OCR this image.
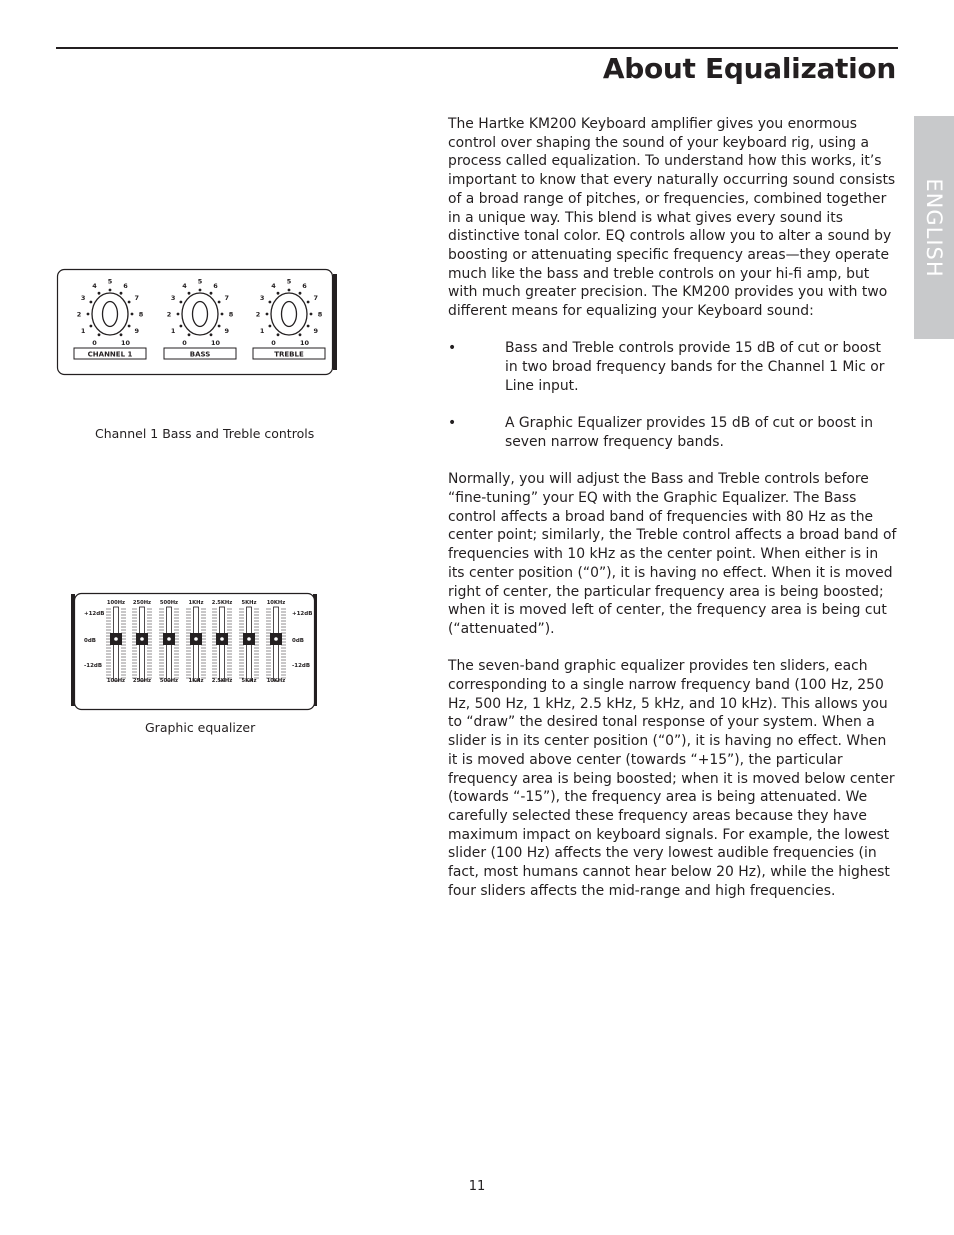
About Equalization
ENGLISH

The Hartke KM200 Keyboard amplifier gives you enormous control over shaping the sound of your keyboard rig, using a process called equalization. To understand how this works, it’s important to know that every naturally occurring sound consists of a broad range of pitches, or frequencies, combined together in a unique way. This blend is what gives every sound its distinctive tonal color. EQ controls allow you to alter a sound by boosting or attenuating specific frequency areas—they operate much like the bass and treble controls on your hi-fi amp, but with much greater precision. The KM200 provides you with two different means for equalizing your Keyboard sound:

•	Bass and Treble controls provide 15 dB of cut or boost in two broad frequency bands for the Channel 1 Mic or Line input.
•	A Graphic Equalizer provides 15 dB of cut or boost in seven narrow frequency bands.

Normally, you will adjust the Bass and Treble controls before “fine-tuning” your EQ with the Graphic Equalizer. The Bass control affects a broad band of frequencies with 80 Hz as the center point; similarly, the Treble control affects a broad band of frequencies with 10 kHz as the center point. When either is in its center position (“0”), it is having no effect. When it is moved right of center, the particular frequency area is being boosted; when it is moved left of center, the frequency area is being cut (“attenuated”).

The seven-band graphic equalizer provides ten sliders, each corresponding to a single narrow frequency band (100 Hz, 250 Hz, 500 Hz, 1 kHz, 2.5 kHz, 5 kHz, and 10 kHz). This allows you to “draw” the desired tonal response of your system. When a slider is in its center position (“0”), it is having no effect. When it is moved above center (towards “+15”), the particular frequency area is being boosted; when it is moved below center (towards “-15”), the frequency area is being attenuated. We carefully selected these frequency areas because they have maximum impact on keyboard signals. For example, the lowest slider (100 Hz) affects the very lowest audible frequencies (in fact, most humans cannot hear below 20 Hz), while the highest four sliders affects the mid-range and high frequencies.

0
1
2
3
4
5
6
7
8
9
10
CHANNEL 1
0
1
2
3
4
5
6
7
8
9
10
BASS
0
1
2
3
4
5
6
7
8
9
10
TREBLE
Channel 1 Bass and Treble controls
100Hz
100Hz
250Hz
250Hz
500Hz
500Hz
1KHz
1KHz
2.5KHz
2.5KHz
5KHz
5KHz
10KHz
10KHz
+12dB	+12dB
0dB	0dB
-12dB	-12dB
Graphic equalizer
11
